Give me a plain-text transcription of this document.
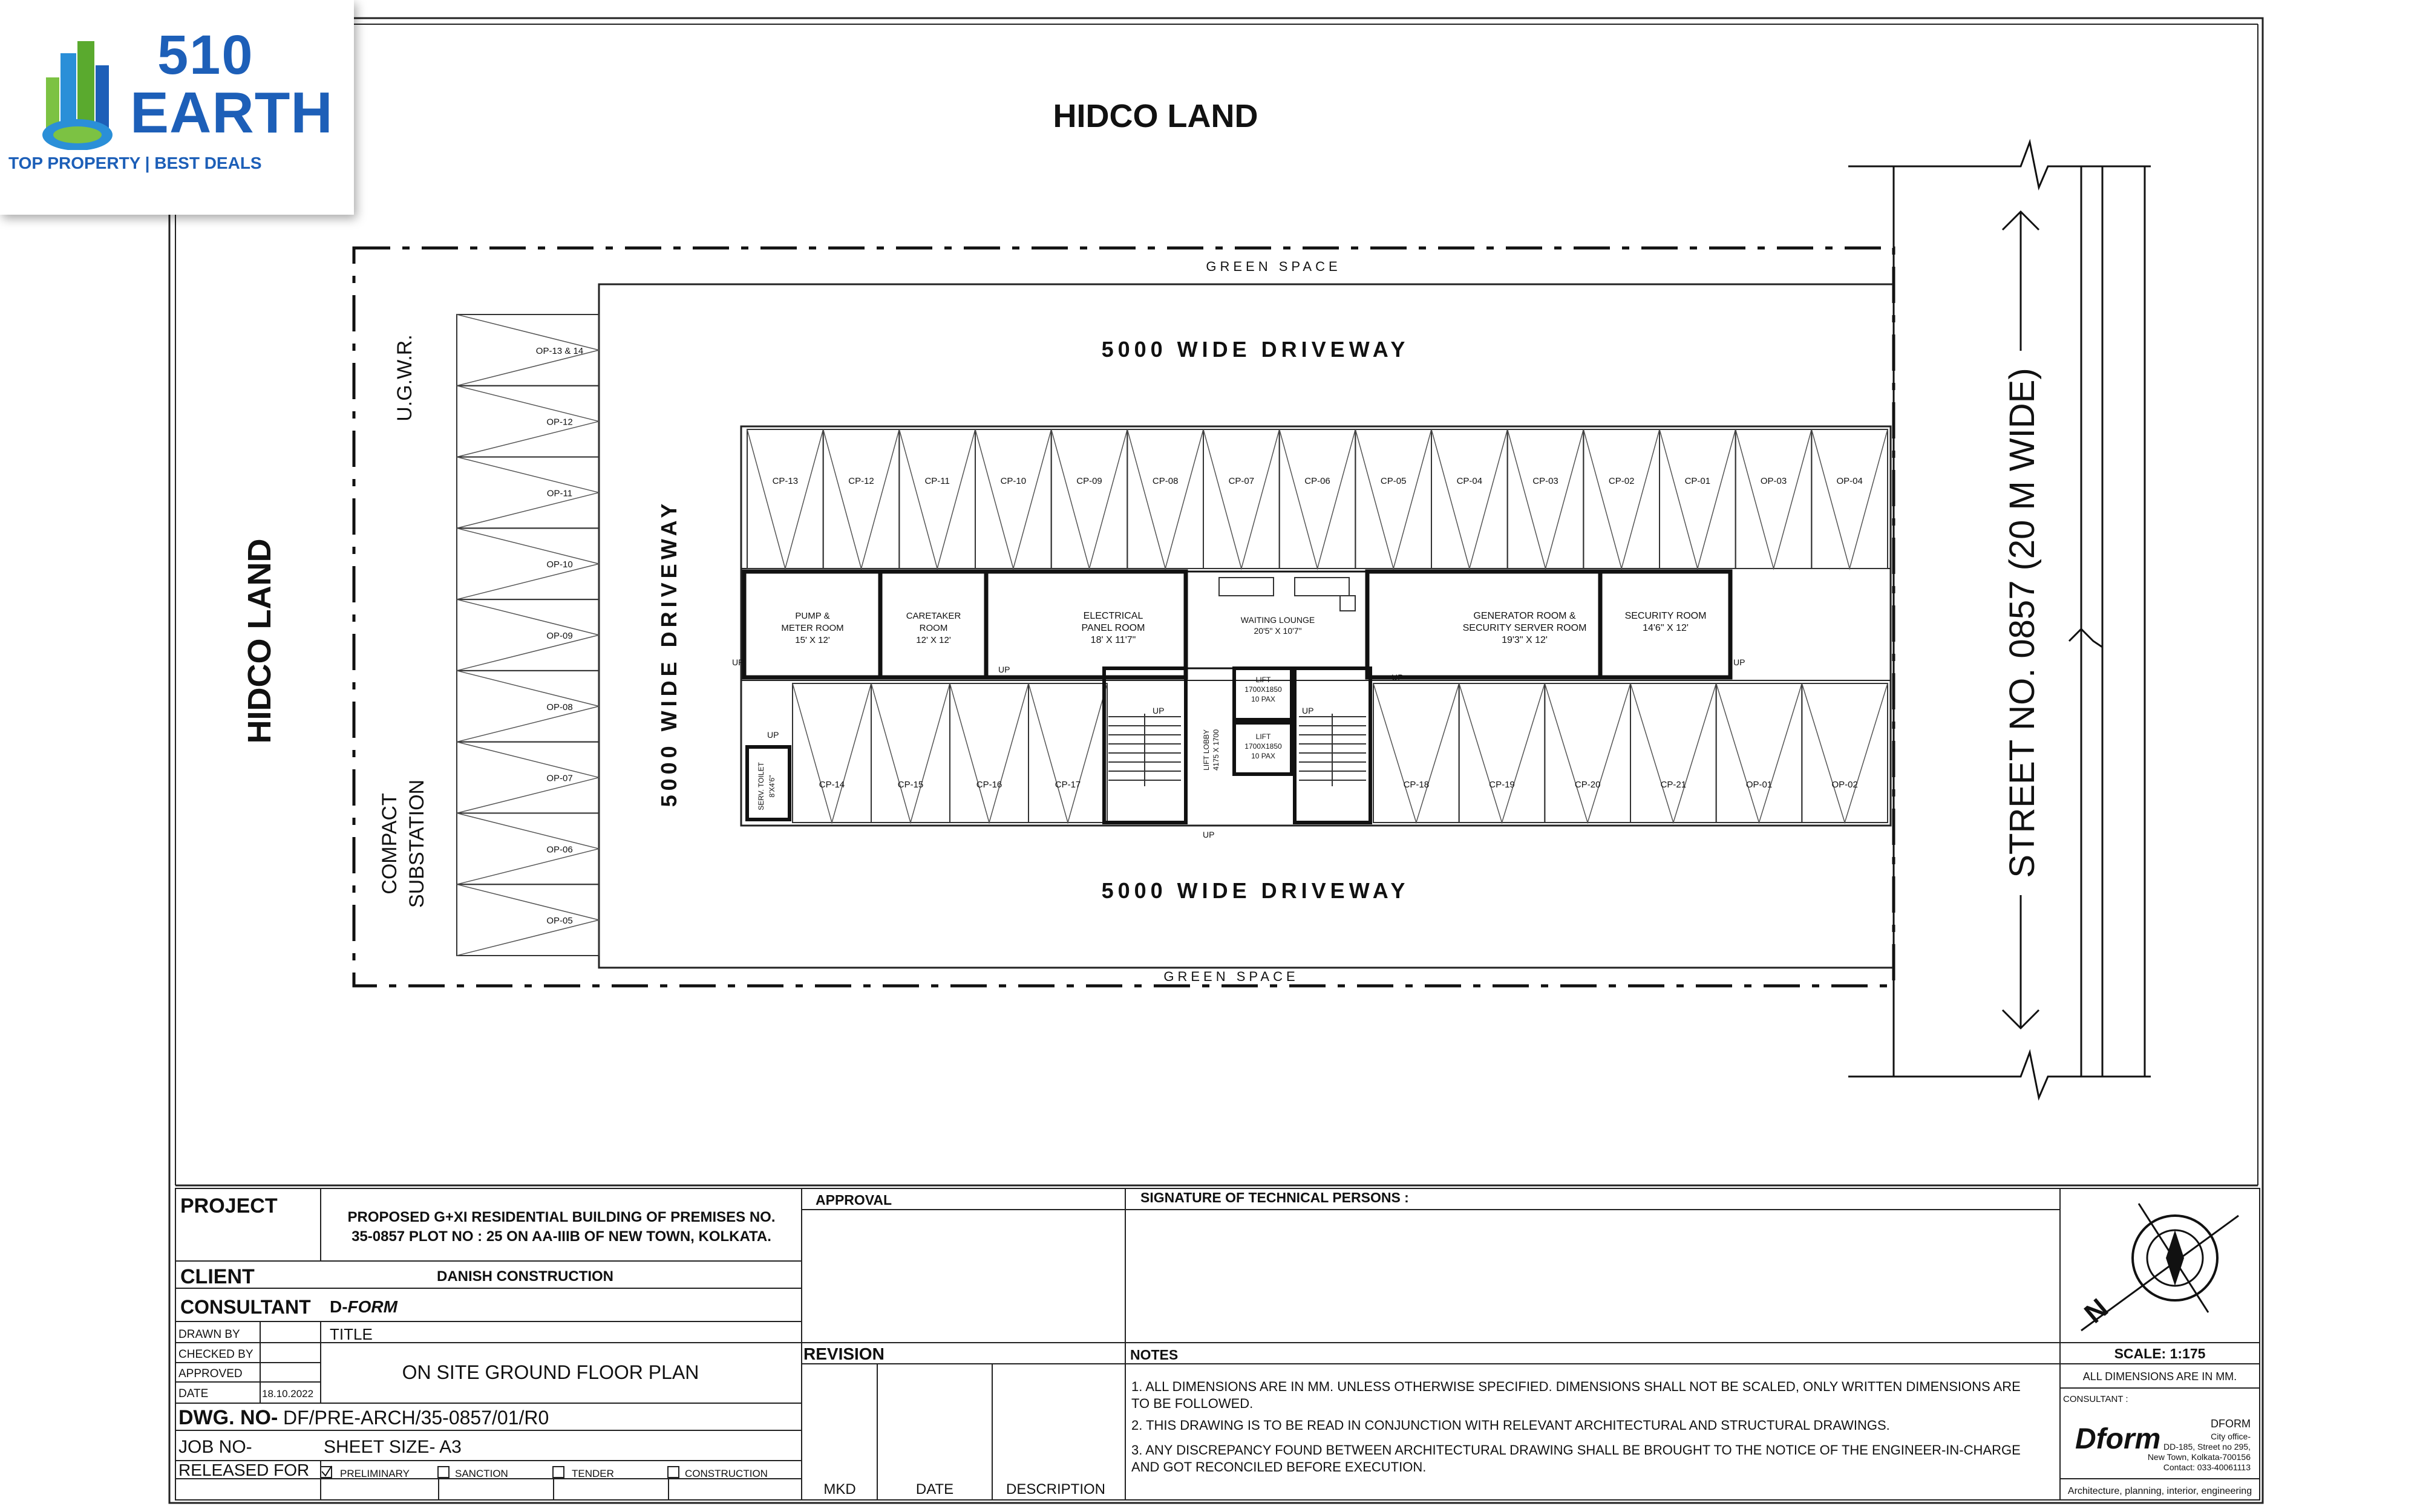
HIDCO LAND
HIDCO LAND
GREEN SPACE
GREEN SPACE
5000 WIDE DRIVEWAY
5000 WIDE DRIVEWAY
5000 WIDE DRIVEWAY
U.G.W.R.
COMPACT SUBSTATION
OP-13 & 14
OP-12
OP-11
OP-10
OP-09
OP-08
OP-07
OP-06
OP-05
CP-13	CP-12	CP-11	CP-10	CP-09	CP-08	CP-07	CP-06	CP-05	CP-04	CP-03	CP-02	CP-01	OP-03	OP-04
CP-14	CP-15	CP-16	CP-17	CP-18	CP-19	CP-20	CP-21	OP-01	OP-02
PUMP &
METER ROOM
15' X 12'
CARETAKER
ROOM
12' X 12'
ELECTRICAL
PANEL ROOM
18' X 11'7"
WAITING LOUNGE
20'5" X 10'7"
GENERATOR ROOM &
SECURITY SERVER ROOM
19'3" X 12'
SECURITY ROOM
14'6" X 12'
LIFT
1700X1850
10 PAX
LIFT
1700X1850
10 PAX
LIFT LOBBY 4175 X 1700
SERV. TOILET 8'X4'6"
UP
UP
UP
UP
UP
UP
UP	UP	STREET NO. 0857 (20 M WIDE)
PROJECT	PROPOSED G+XI RESIDENTIAL BUILDING OF PREMISES NO.
35-0857 PLOT NO : 25 ON AA-IIIB OF NEW TOWN, KOLKATA.
CLIENT	DANISH CONSTRUCTION
CONSULTANT D-FORM
DRAWN BY
CHECKED BY
APPROVED
DATE	18.10.2022
TITLE
ON SITE GROUND FLOOR PLAN
DWG. NO- DF/PRE-ARCH/35-0857/01/R0
JOB NO-	SHEET SIZE- A3
RELEASED FOR	PRELIMINARY	SANCTION	TENDER	CONSTRUCTION
APPROVAL	SIGNATURE OF TECHNICAL PERSONS :
REVISION	NOTES
MKD	DATE	DESCRIPTION
1. ALL DIMENSIONS ARE IN MM. UNLESS OTHERWISE SPECIFIED. DIMENSIONS SHALL NOT BE SCALED, ONLY WRITTEN DIMENSIONS ARE
TO BE FOLLOWED.
2. THIS DRAWING IS TO BE READ IN CONJUNCTION WITH RELEVANT ARCHITECTURAL AND STRUCTURAL DRAWINGS.
3. ANY DISCREPANCY FOUND BETWEEN ARCHITECTURAL DRAWING SHALL BE BROUGHT TO THE NOTICE OF THE ENGINEER-IN-CHARGE
AND GOT RECONCILED BEFORE EXECUTION.
N
SCALE: 1:175
ALL DIMENSIONS ARE IN MM.
CONSULTANT :
Dform	DFORM
City office-
DD-185, Street no 295,
New Town, Kolkata-700156
Contact: 033-40061113
Architecture, planning, interior, engineering
510
EARTH
TOP PROPERTY | BEST DEALS
